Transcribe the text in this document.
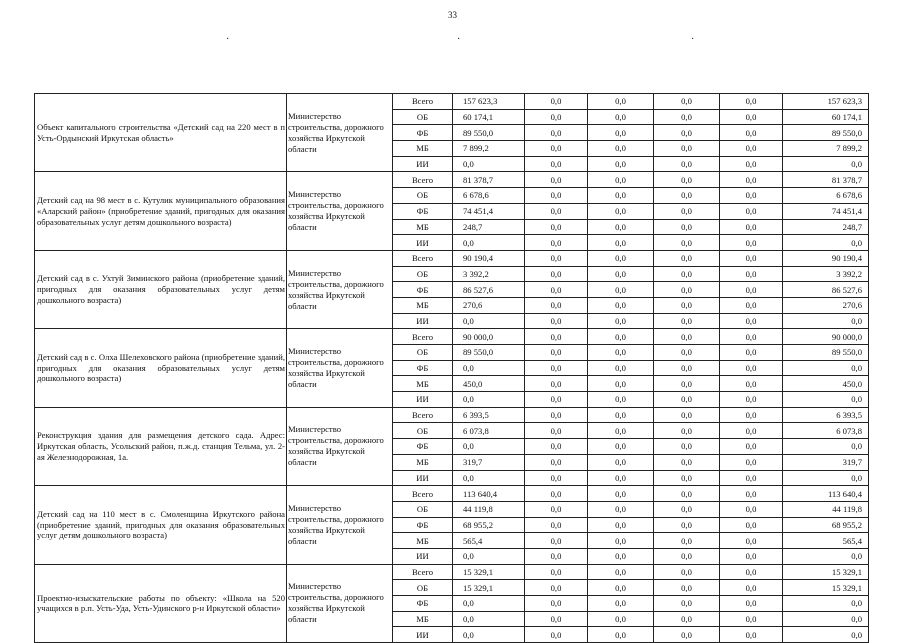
33
·	·	·
Объект капитального строительства «Детский сад на 220 мест в п Усть-Ордынский Иркутская область»	Министерство
строительства, дорожного
хозяйства Иркутской
области	Всего	157 623,3	0,0	0,0	0,0	0,0	157 623,3
		ОБ	60 174,1	0,0	0,0	0,0	0,0	60 174,1
		ФБ	89 550,0	0,0	0,0	0,0	0,0	89 550,0
		МБ	7 899,2	0,0	0,0	0,0	0,0	7 899,2
		ИИ	0,0	0,0	0,0	0,0	0,0	0,0
Детский сад на 98 мест в с. Кутулик муниципального образования «Аларский район» (приобретение зданий, пригодных для оказания образовательных услуг детям дошкольного возраста)	Министерство
строительства, дорожного
хозяйства Иркутской
области	Всего	81 378,7	0,0	0,0	0,0	0,0	81 378,7
		ОБ	6 678,6	0,0	0,0	0,0	0,0	6 678,6
		ФБ	74 451,4	0,0	0,0	0,0	0,0	74 451,4
		МБ	248,7	0,0	0,0	0,0	0,0	248,7
		ИИ	0,0	0,0	0,0	0,0	0,0	0,0
Детский сад в с. Ухтуй Зиминского района (приобретение зданий, пригодных для оказания образовательных услуг детям дошкольного возраста)	Министерство
строительства, дорожного
хозяйства Иркутской
области	Всего	90 190,4	0,0	0,0	0,0	0,0	90 190,4
		ОБ	3 392,2	0,0	0,0	0,0	0,0	3 392,2
		ФБ	86 527,6	0,0	0,0	0,0	0,0	86 527,6
		МБ	270,6	0,0	0,0	0,0	0,0	270,6
		ИИ	0,0	0,0	0,0	0,0	0,0	0,0
Детский сад в с. Олха Шелеховского района (приобретение зданий, пригодных для оказания образовательных услуг детям дошкольного возраста)	Министерство
строительства, дорожного
хозяйства Иркутской
области	Всего	90 000,0	0,0	0,0	0,0	0,0	90 000,0
		ОБ	89 550,0	0,0	0,0	0,0	0,0	89 550,0
		ФБ	0,0	0,0	0,0	0,0	0,0	0,0
		МБ	450,0	0,0	0,0	0,0	0,0	450,0
		ИИ	0,0	0,0	0,0	0,0	0,0	0,0
Реконструкция здания для размещения детского сада. Адрес: Иркутская область, Усольский район, п.ж.д. станция Тельма, ул. 2-ая Железнодорожная, 1а.	Министерство
строительства, дорожного
хозяйства Иркутской
области	Всего	6 393,5	0,0	0,0	0,0	0,0	6 393,5
		ОБ	6 073,8	0,0	0,0	0,0	0,0	6 073,8
		ФБ	0,0	0,0	0,0	0,0	0,0	0,0
		МБ	319,7	0,0	0,0	0,0	0,0	319,7
		ИИ	0,0	0,0	0,0	0,0	0,0	0,0
Детский сад на 110 мест в с. Смоленщина Иркутского района (приобретение зданий, пригодных для оказания образовательных услуг детям дошкольного возраста)	Министерство
строительства, дорожного
хозяйства Иркутской
области	Всего	113 640,4	0,0	0,0	0,0	0,0	113 640,4
		ОБ	44 119,8	0,0	0,0	0,0	0,0	44 119,8
		ФБ	68 955,2	0,0	0,0	0,0	0,0	68 955,2
		МБ	565,4	0,0	0,0	0,0	0,0	565,4
		ИИ	0,0	0,0	0,0	0,0	0,0	0,0
Проектно-изыскательские работы по объекту: «Школа на 520 учащихся в р.п. Усть-Уда, Усть-Удинского р-н Иркутской области»	Министерство
строительства, дорожного
хозяйства Иркутской
области	Всего	15 329,1	0,0	0,0	0,0	0,0	15 329,1
		ОБ	15 329,1	0,0	0,0	0,0	0,0	15 329,1
		ФБ	0,0	0,0	0,0	0,0	0,0	0,0
		МБ	0,0	0,0	0,0	0,0	0,0	0,0
		ИИ	0,0	0,0	0,0	0,0	0,0	0,0
